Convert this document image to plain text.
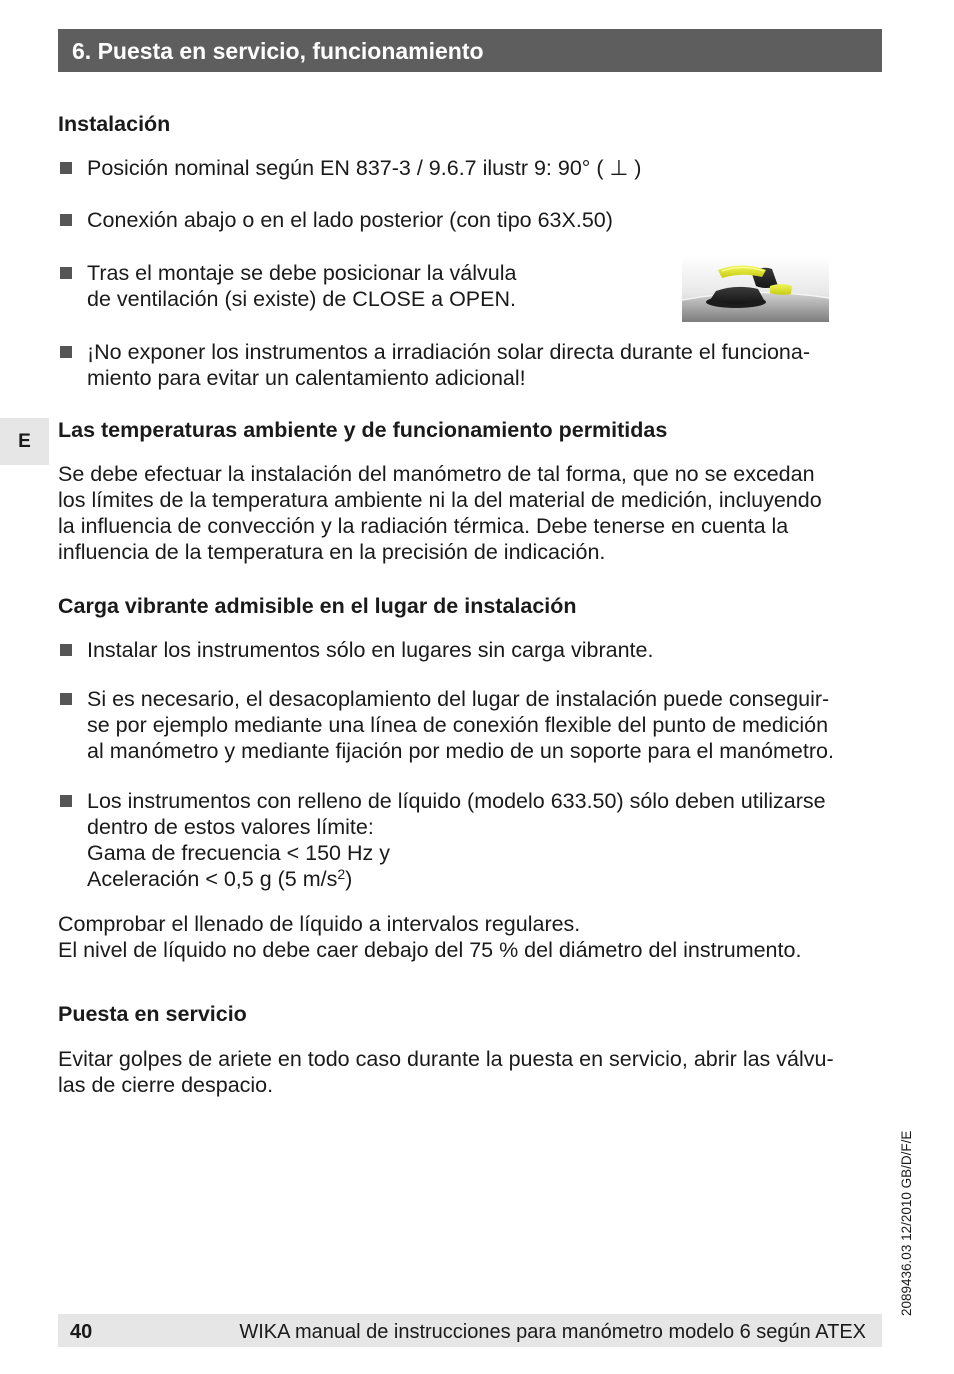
6. Puesta en servicio, funcionamiento
E
Instalación
Posición nominal según EN 837-3 / 9.6.7 ilustr 9: 90° ( ⊥ )
Conexión abajo o en el lado posterior (con tipo 63X.50)
Tras el montaje se debe posicionar la válvula
de ventilación (si existe) de CLOSE a OPEN.
¡No exponer los instrumentos a irradiación solar directa durante el funciona-
miento para evitar un calentamiento adicional!
Las temperaturas ambiente y de funcionamiento permitidas
Se debe efectuar la instalación del manómetro de tal forma, que no se excedan
los límites de la temperatura ambiente ni la del material de medición, incluyendo
la influencia de convección y la radiación térmica. Debe tenerse en cuenta la
influencia de la temperatura en la precisión de indicación.
Carga vibrante admisible en el lugar de instalación
Instalar los instrumentos sólo en lugares sin carga vibrante.
Si es necesario, el desacoplamiento del lugar de instalación puede conseguir-
se por ejemplo mediante una línea de conexión flexible del punto de medición
al manómetro y mediante fijación por medio de un soporte para el manómetro.
Los instrumentos con relleno de líquido (modelo 633.50) sólo deben utilizarse
dentro de estos valores límite:
Gama de frecuencia < 150 Hz y
Aceleración < 0,5 g (5 $m/s^2$)
Comprobar el llenado de líquido a intervalos regulares.
El nivel de líquido no debe caer debajo del 75 % del diámetro del instrumento.
Puesta en servicio
Evitar golpes de ariete en todo caso durante la puesta en servicio, abrir las válvu-
las de cierre despacio.
40	WIKA manual de instrucciones para manómetro modelo 6 según ATEX
2089436.03 12/2010 GB/D/F/E
